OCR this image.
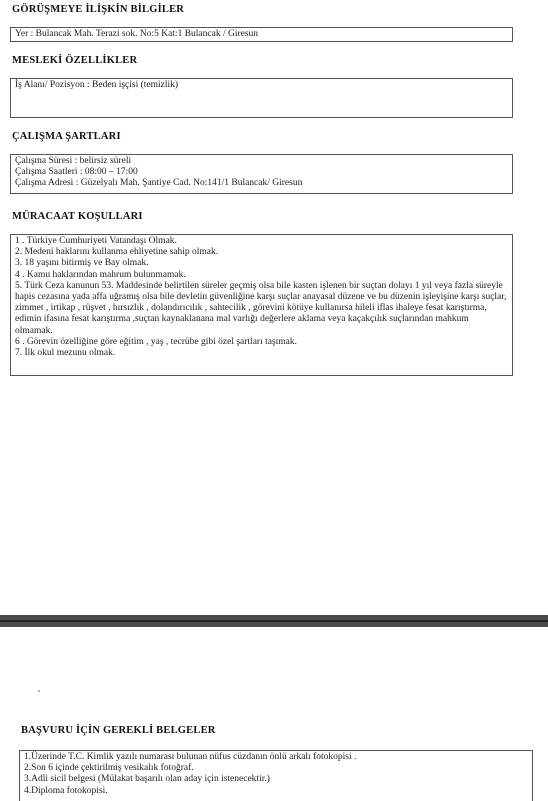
GÖRÜŞMEYE İLİŞKİN BİLGİLER
Yer : Bulancak Mah. Terazi sok. No:5 Kat:1 Bulancak / Giresun
MESLEKİ ÖZELLİKLER
İş Alanı/ Pozisyon : Beden işçisi (temizlik)
ÇALIŞMA ŞARTLARI
Çalışma Süresi : belirsiz süreli
Çalışma Saatleri : 08:00 – 17:00
Çalışma Adresi : Güzelyalı Mah. Şantiye Cad. No:141/1 Bulancak/ Giresun
MÜRACAAT KOŞULLARI
1 . Türkiye Cumhuriyeti Vatandaşı Olmak.
2. Medeni haklarını kullanma ehliyetine sahip olmak.
3. 18 yaşını bitirmiş ve Bay olmak.
4 . Kamu haklarından mahrum bulunmamak.
5. Türk Ceza kanunun 53. Maddesinde belirtilen süreler geçmiş olsa bile kasten işlenen bir suçtan dolayı 1 yıl veya fazla süreyle hapis cezasına yada affa uğramış olsa bile devletin güvenliğine karşı suçlar anayasal düzene ve bu düzenin işleyişine karşı suçlar, zimmet , irtikap , rüşvet , hırsızlık , dolandırıcılık , sahtecilik , görevini kötüye kullanırsa hileli iflas ihaleye fesat karıştırma, edimin ifasına fesat karıştırma ,suçtan kaynaklanana mal varlığı değerlere aklama veya kaçakçılık suçlarından mahkum olmamak.
6 . Görevin özelliğine göre eğitim , yaş , tecrübe gibi özel şartları taşımak.
7. İlk okul mezunu olmak.
BAŞVURU İÇİN GEREKLİ BELGELER
1.Üzerinde T.C. Kimlik yazılı numarası bulunan nüfus cüzdanın önlü arkalı fotokopisi .
2.Son 6 içinde çektirilmiş vesikalık fotoğraf.
3.Adli sicil belgesi (Mülakat başarılı olan aday için istenecektir.)
4.Diploma fotokopisi.
